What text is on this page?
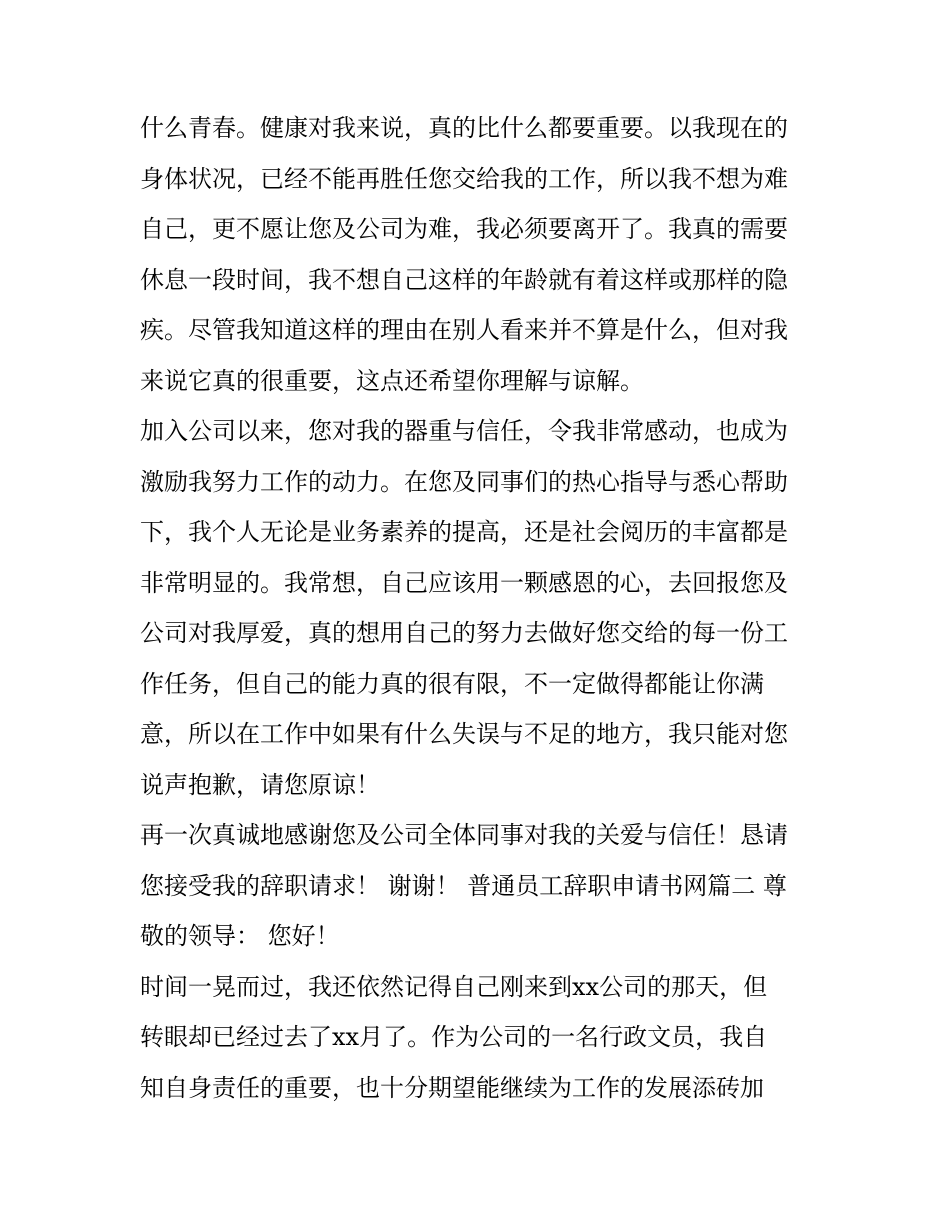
什么青春。健康对我来说，真的比什么都要重要。以我现在的
身体状况，已经不能再胜任您交给我的工作，所以我不想为难
自己，更不愿让您及公司为难，我必须要离开了。我真的需要
休息一段时间，我不想自己这样的年龄就有着这样或那样的隐
疾。尽管我知道这样的理由在别人看来并不算是什么，但对我
来说它真的很重要，这点还希望你理解与谅解。
加入公司以来，您对我的器重与信任，令我非常感动，也成为
激励我努力工作的动力。在您及同事们的热心指导与悉心帮助
下，我个人无论是业务素养的提高，还是社会阅历的丰富都是
非常明显的。我常想，自己应该用一颗感恩的心，去回报您及
公司对我厚爱，真的想用自己的努力去做好您交给的每一份工
作任务，但自己的能力真的很有限，不一定做得都能让你满
意，所以在工作中如果有什么失误与不足的地方，我只能对您
说声抱歉，请您原谅！
再一次真诚地感谢您及公司全体同事对我的关爱与信任！恳请
您接受我的辞职请求！ 谢谢！ 普通员工辞职申请书网篇二 尊
敬的领导： 您好！
时间一晃而过，我还依然记得自己刚来到xx公司的那天，但
转眼却已经过去了xx月了。作为公司的一名行政文员，我自
知自身责任的重要，也十分期望能继续为工作的发展添砖加
